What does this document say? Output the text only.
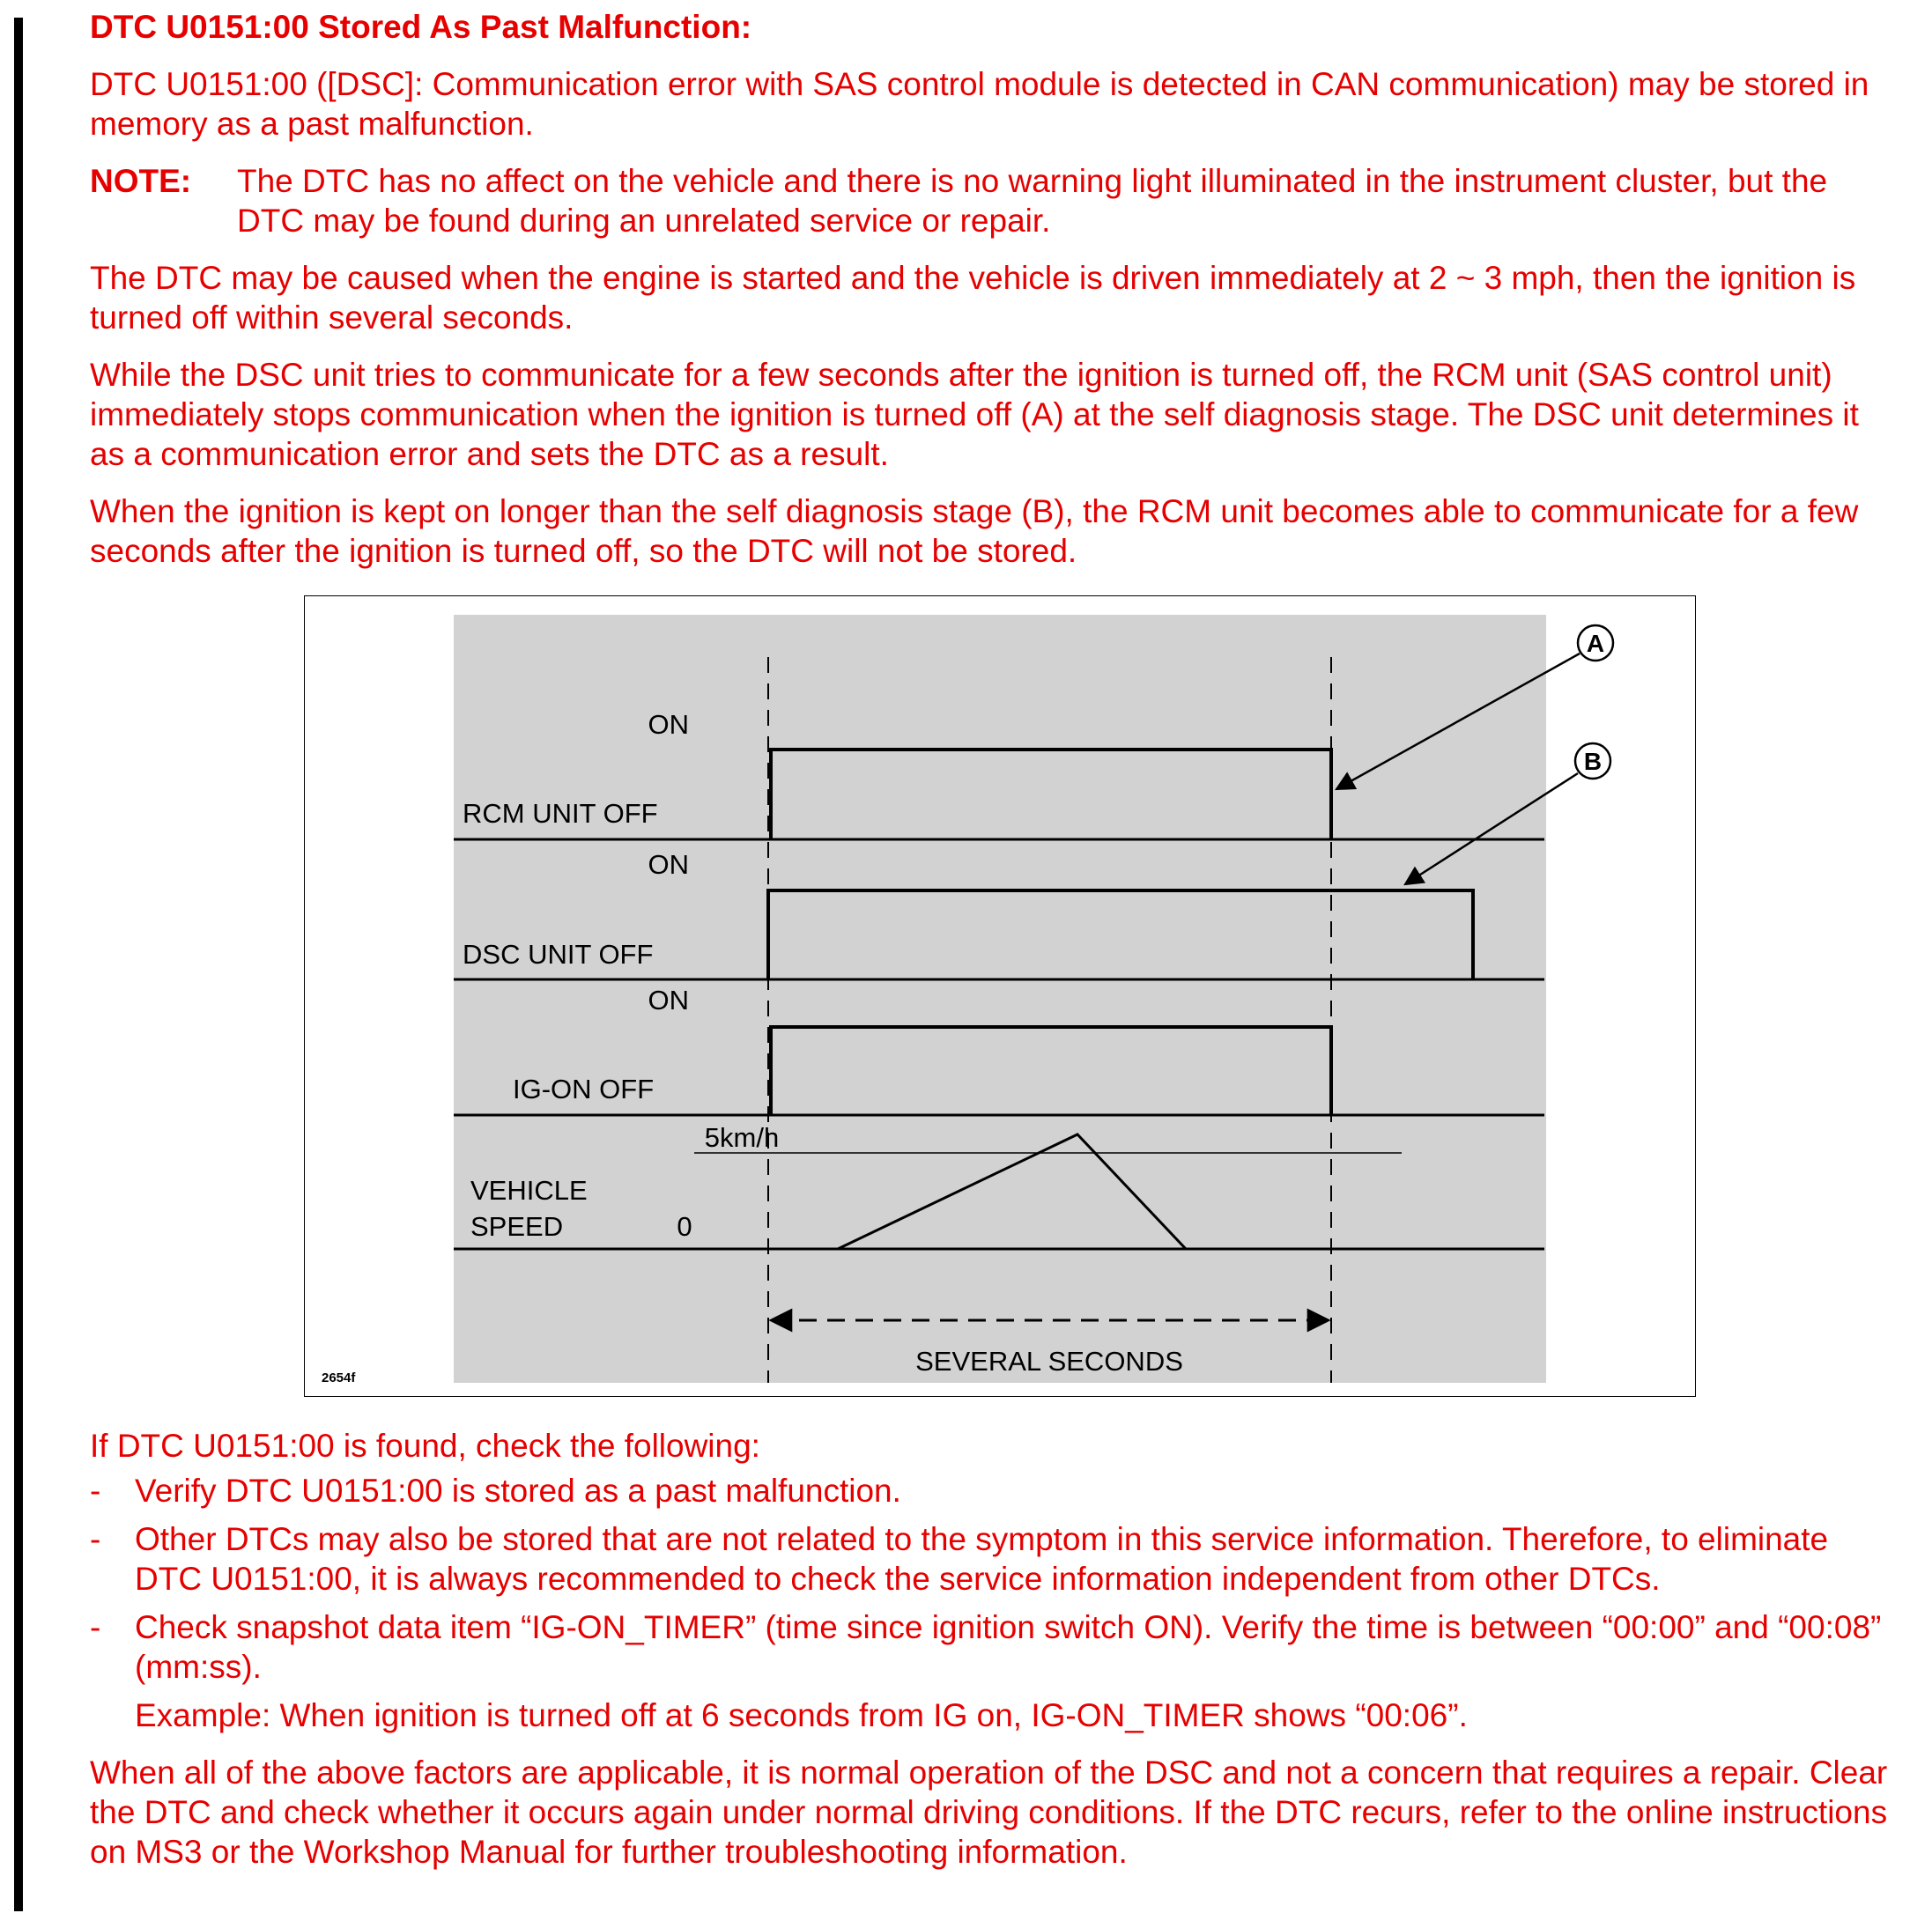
DTC U0151:00 Stored As Past Malfunction:

DTC U0151:00 ([DSC]: Communication error with SAS control module is detected in CAN communication) may be stored in memory as a past malfunction.

NOTE: The DTC has no affect on the vehicle and there is no warning light illuminated in the instrument cluster, but the DTC may be found during an unrelated service or repair.

The DTC may be caused when the engine is started and the vehicle is driven immediately at 2 ~ 3 mph, then the ignition is turned off within several seconds.

While the DSC unit tries to communicate for a few seconds after the ignition is turned off, the RCM unit (SAS control unit) immediately stops communication when the ignition is turned off (A) at the self diagnosis stage. The DSC unit determines it as a communication error and sets the DTC as a result.

When the ignition is kept on longer than the self diagnosis stage (B), the RCM unit becomes able to communicate for a few seconds after the ignition is turned off, so the DTC will not be stored.

ON
RCM UNIT OFF
ON
DSC UNIT OFF
ON
IG-ON OFF
5km/h
VEHICLE
SPEED	0
SEVERAL SECONDS
A
B
2654f

If DTC U0151:00 is found, check the following:

- Verify DTC U0151:00 is stored as a past malfunction.
- Other DTCs may also be stored that are not related to the symptom in this service information. Therefore, to eliminate DTC U0151:00, it is always recommended to check the service information independent from other DTCs.
- Check snapshot data item “IG-ON_TIMER” (time since ignition switch ON). Verify the time is between “00:00” and “00:08” (mm:ss).

Example: When ignition is turned off at 6 seconds from IG on, IG-ON_TIMER shows “00:06”.

When all of the above factors are applicable, it is normal operation of the DSC and not a concern that requires a repair. Clear the DTC and check whether it occurs again under normal driving conditions. If the DTC recurs, refer to the online instructions on MS3 or the Workshop Manual for further troubleshooting information.
